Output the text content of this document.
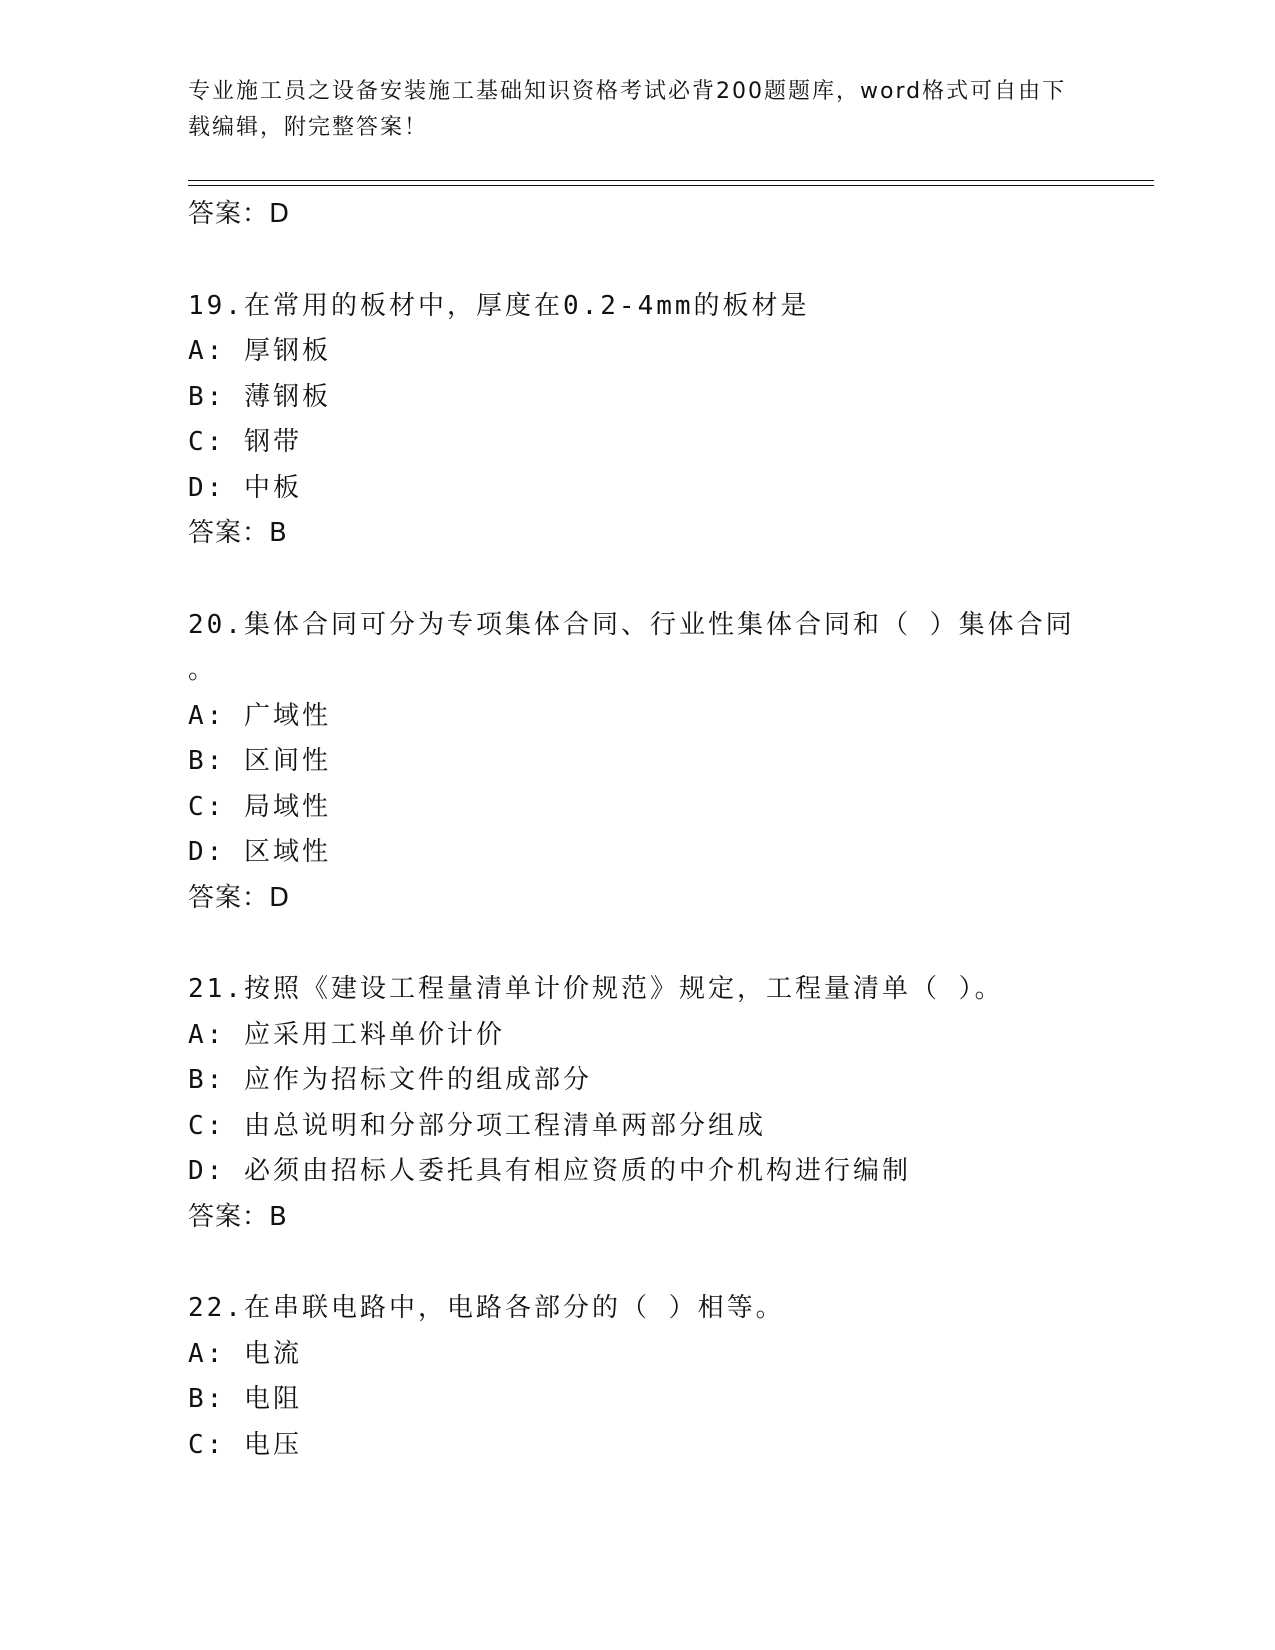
专业施工员之设备安装施工基础知识资格考试必背200题题库，word格式可自由下载编辑，附完整答案！
答案：D
19.在常用的板材中，厚度在0.2-4mm的板材是
A: 厚钢板
B: 薄钢板
C: 钢带
D: 中板
答案：B
20.集体合同可分为专项集体合同、行业性集体合同和（ ）集体合同
。
A: 广域性
B: 区间性
C: 局域性
D: 区域性
答案：D
21.按照《建设工程量清单计价规范》规定，工程量清单（ ）。
A: 应采用工料单价计价
B: 应作为招标文件的组成部分
C: 由总说明和分部分项工程清单两部分组成
D: 必须由招标人委托具有相应资质的中介机构进行编制
答案：B
22.在串联电路中，电路各部分的（ ）相等。
A: 电流
B: 电阻
C: 电压
